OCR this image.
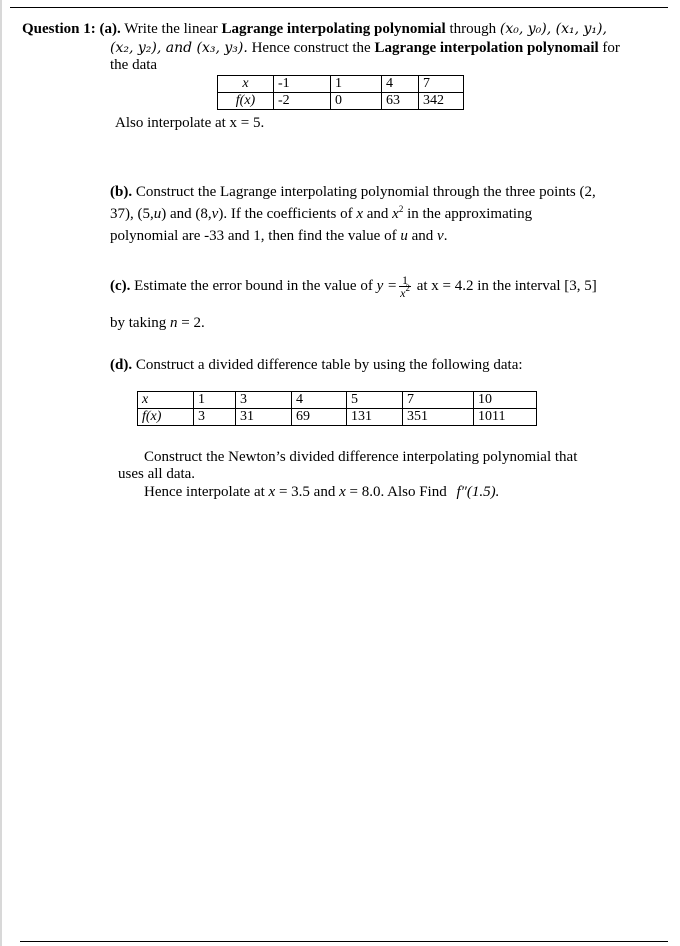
Question 1: (a). Write the linear Lagrange interpolating polynomial through (x₀, y₀), (x₁, y₁),
(x₂, y₂), and (x₃, y₃). Hence construct the Lagrange interpolation polynomail for
the data
x	-1	1	4	7
f(x)	-2	0	63	342
Also interpolate at x = 5.
(b). Construct the Lagrange interpolating polynomial through the three points (2,
37), (5,u) and (8,v). If the coefficients of x and $x^2$ in the approximating
polynomial are -33 and 1, then find the value of u and v.
(c). Estimate the error bound in the value of $y = \frac{1}{x^2}$ at x = 4.2 in the interval [3, 5]
by taking n = 2.
(d). Construct a divided difference table by using the following data:
x	1	3	4	5	7	10
f(x)	3	31	69	131	351	1011
Construct the Newton’s divided difference interpolating polynomial that
uses all data.
Hence interpolate at x = 3.5 and x = 8.0. Also Find f″(1.5).
